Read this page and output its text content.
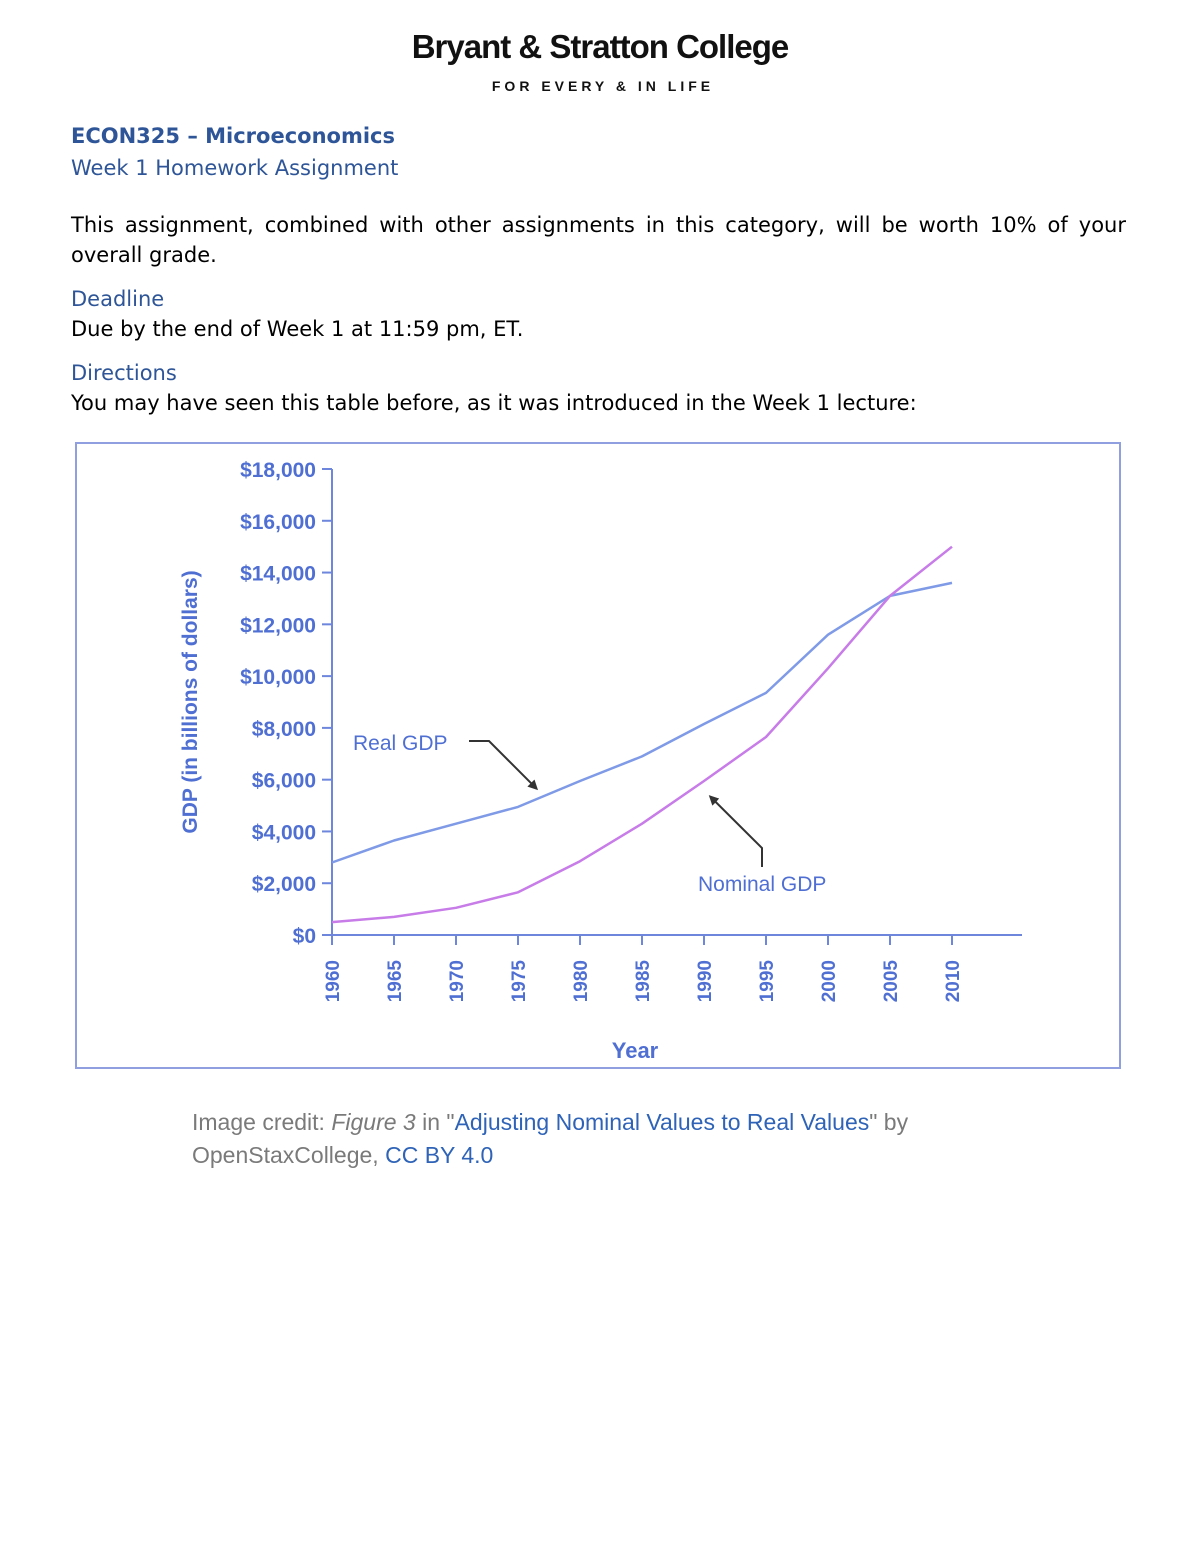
Bryant & Stratton College
FOR EVERY & IN LIFE
ECON325 – Microeconomics
Week 1 Homework Assignment
This assignment, combined with other assignments in this category, will be worth 10% of your overall grade.
Deadline
Due by the end of Week 1 at 11:59 pm, ET.
Directions
You may have seen this table before, as it was introduced in the Week 1 lecture:
$0
$2,000
$4,000
$6,000
$8,000
$10,000
$12,000
$14,000
$16,000
$18,000
1960 1965 1970 1975 1980 1985 1990 1995 2000 2005 2010
Year
GDP (in billions of dollars)	Real GDP
Nominal GDP
Image credit: Figure 3 in "Adjusting Nominal Values to Real Values" by
OpenStaxCollege, CC BY 4.0
